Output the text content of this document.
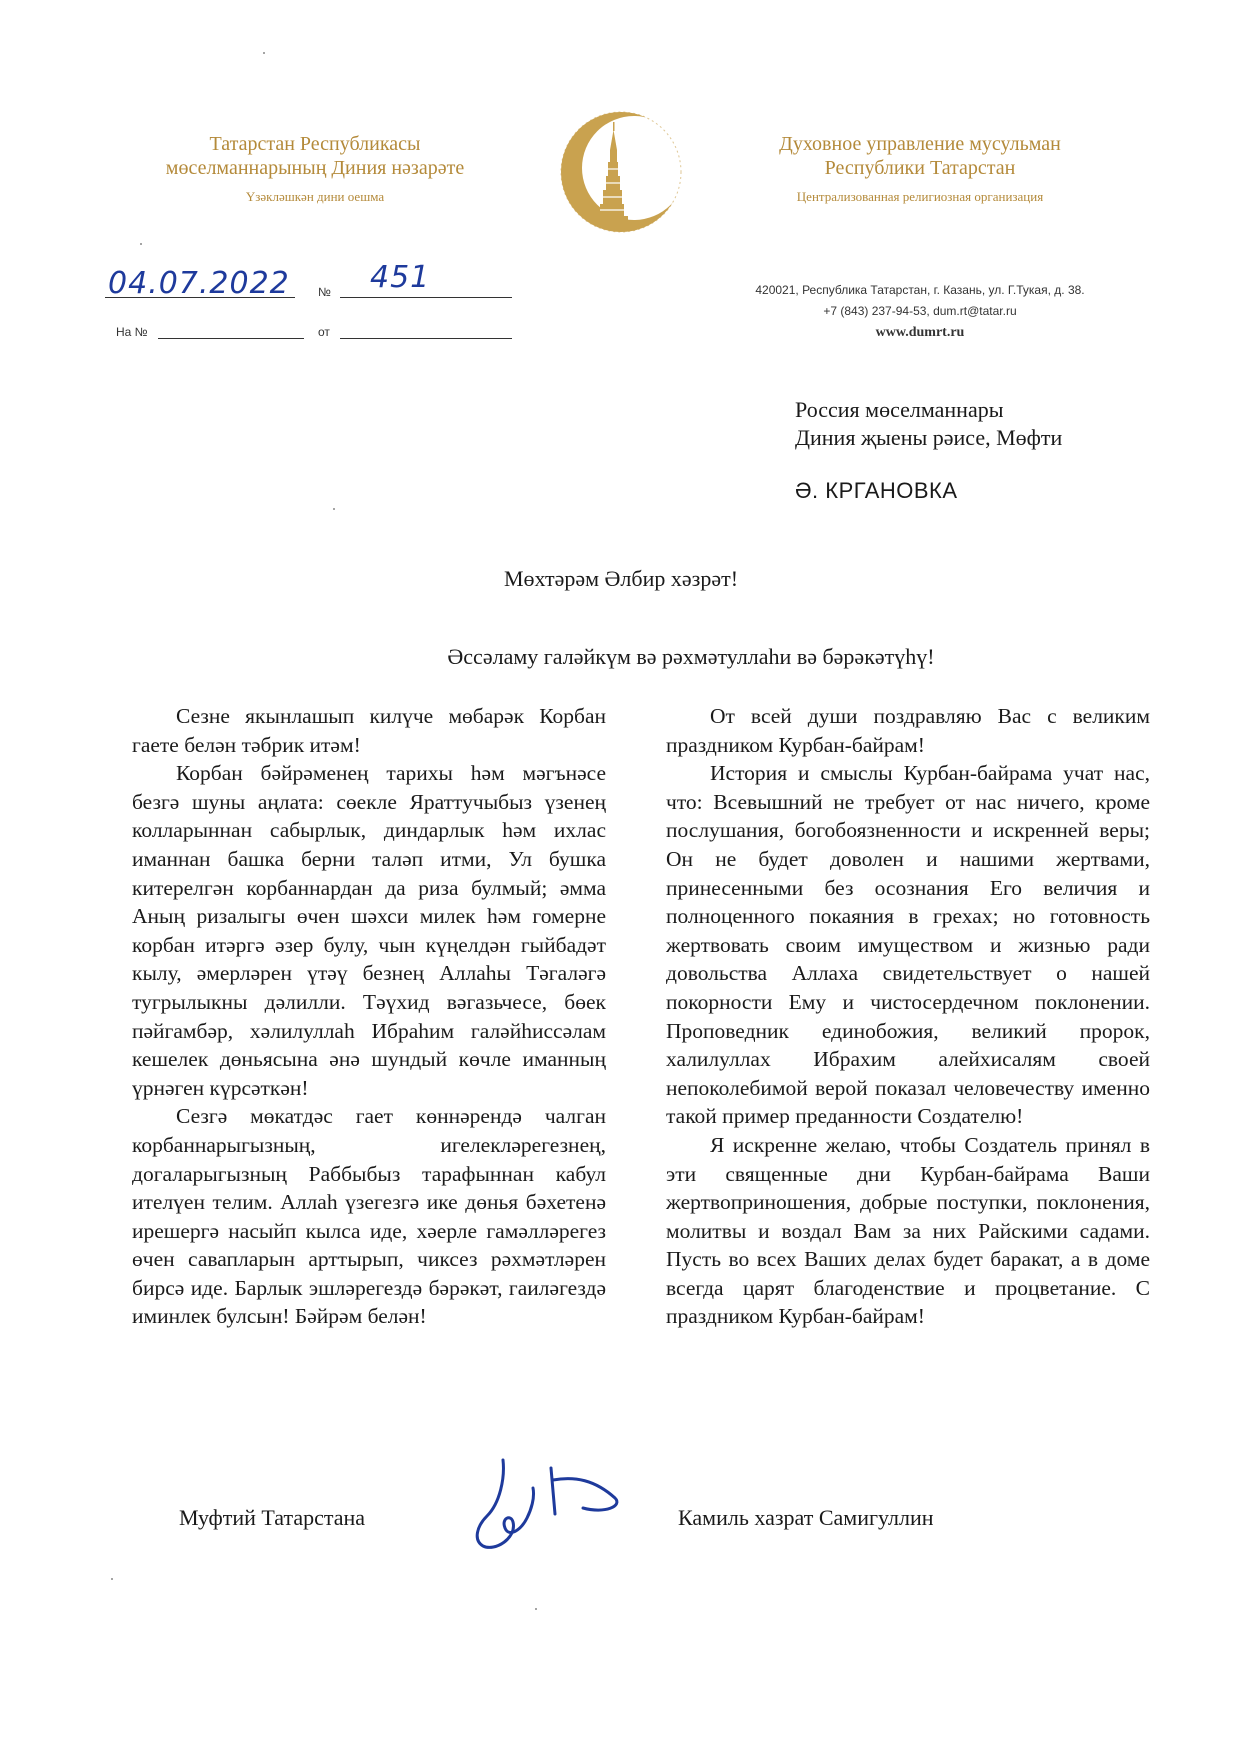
Татарстан Республикасы
мөселманнарының Диния нәзарәте
Үзәкләшкән дини оешма
Духовное управление мусульман
Республики Татарстан
Централизованная религиозная организация
04.07.2022 № 451
На №	от
420021, Республика Татарстан, г. Казань, ул. Г.Тукая, д. 38.
+7 (843) 237-94-53, dum.rt@tatar.ru
www.dumrt.ru
Россия мөселманнары
Диния җыены рәисе, Мөфти
Ә. КРГАНОВКА
Мөхтәрәм Әлбир хәзрәт!
Әссәламу галәйкүм вә рәхмәтуллаһи вә бәрәкәтүһү!

Сезне якынлашып килүче мөбарәк Корбан гаете белән тәбрик итәм!

Корбан бәйрәменең тарихы һәм мәгънәсе безгә шуны аңлата: сөекле Яраттучыбыз үзенең колларыннан сабырлык, диндарлык һәм ихлас иманнан башка берни таләп итми, Ул бушка китерелгән корбаннардан да риза булмый; әмма Аның ризалыгы өчен шәхси милек һәм гомерне корбан итәргә әзер булу, чын күңелдән гыйбадәт кылу, әмерләрен үтәү безнең Аллаһы Тәгаләгә тугрылыкны дәлилли. Тәүхид вәгазьчесе, бөек пәйгамбәр, хәлилуллаһ Ибраһим галәйһиссәлам кешелек дөньясына әнә шундый көчле иманның үрнәген күрсәткән!

Сезгә мөкатдәс гает көннәрендә чалган корбаннарыгызның, игелекләрегезнең, догаларыгызның Раббыбыз тарафыннан кабул ителүен телим. Аллаһ үзегезгә ике дөнья бәхетенә ирешергә насыйп кылса иде, хәерле гамәлләрегез өчен савапларын арттырып, чиксез рәхмәтләрен бирсә иде. Барлык эшләрегездә бәрәкәт, гаиләгездә иминлек булсын! Бәйрәм белән!

От всей души поздравляю Вас с великим праздником Курбан-байрам!

История и смыслы Курбан-байрама учат нас, что: Всевышний не требует от нас ничего, кроме послушания, богобоязненности и искренней веры; Он не будет доволен и нашими жертвами, принесенными без осознания Его величия и полноценного покаяния в грехах; но готовность жертвовать своим имуществом и жизнью ради довольства Аллаха свидетельствует о нашей покорности Ему и чистосердечном поклонении. Проповедник единобожия, великий пророк, халилуллах Ибрахим алейхисалям своей непоколебимой верой показал человечеству именно такой пример преданности Создателю!

Я искренне желаю, чтобы Создатель принял в эти священные дни Курбан-байрама Ваши жертвоприношения, добрые поступки, поклонения, молитвы и воздал Вам за них Райскими садами. Пусть во всех Ваших делах будет баракат, а в доме всегда царят благоденствие и процветание. С праздником Курбан-байрам!

Муфтий Татарстана	Камиль хазрат Самигуллин
